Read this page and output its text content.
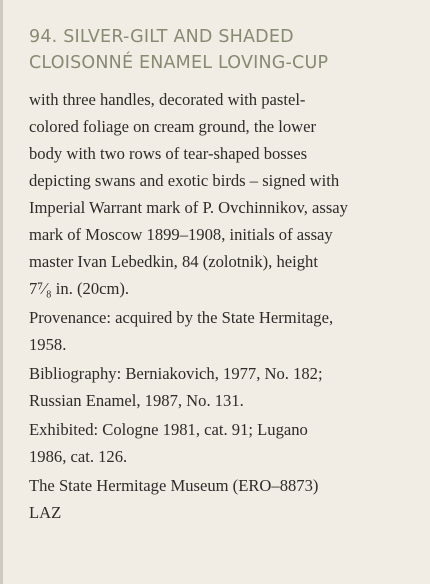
94. SILVER-GILT AND SHADED
CLOISONNÉ ENAMEL LOVING-CUP
with three handles, decorated with pastel-
colored foliage on cream ground, the lower
body with two rows of tear-shaped bosses
depicting swans and exotic birds – signed with
Imperial Warrant mark of P. Ovchinnikov, assay
mark of Moscow 1899–1908, initials of assay
master Ivan Lebedkin, 84 (zolotnik), height
7⁷⁄₈ in. (20cm).
Provenance: acquired by the State Hermitage,
1958.
Bibliography: Berniakovich, 1977, No. 182;
Russian Enamel, 1987, No. 131.
Exhibited: Cologne 1981, cat. 91; Lugano
1986, cat. 126.
The State Hermitage Museum (ERO–8873)
LAZ
